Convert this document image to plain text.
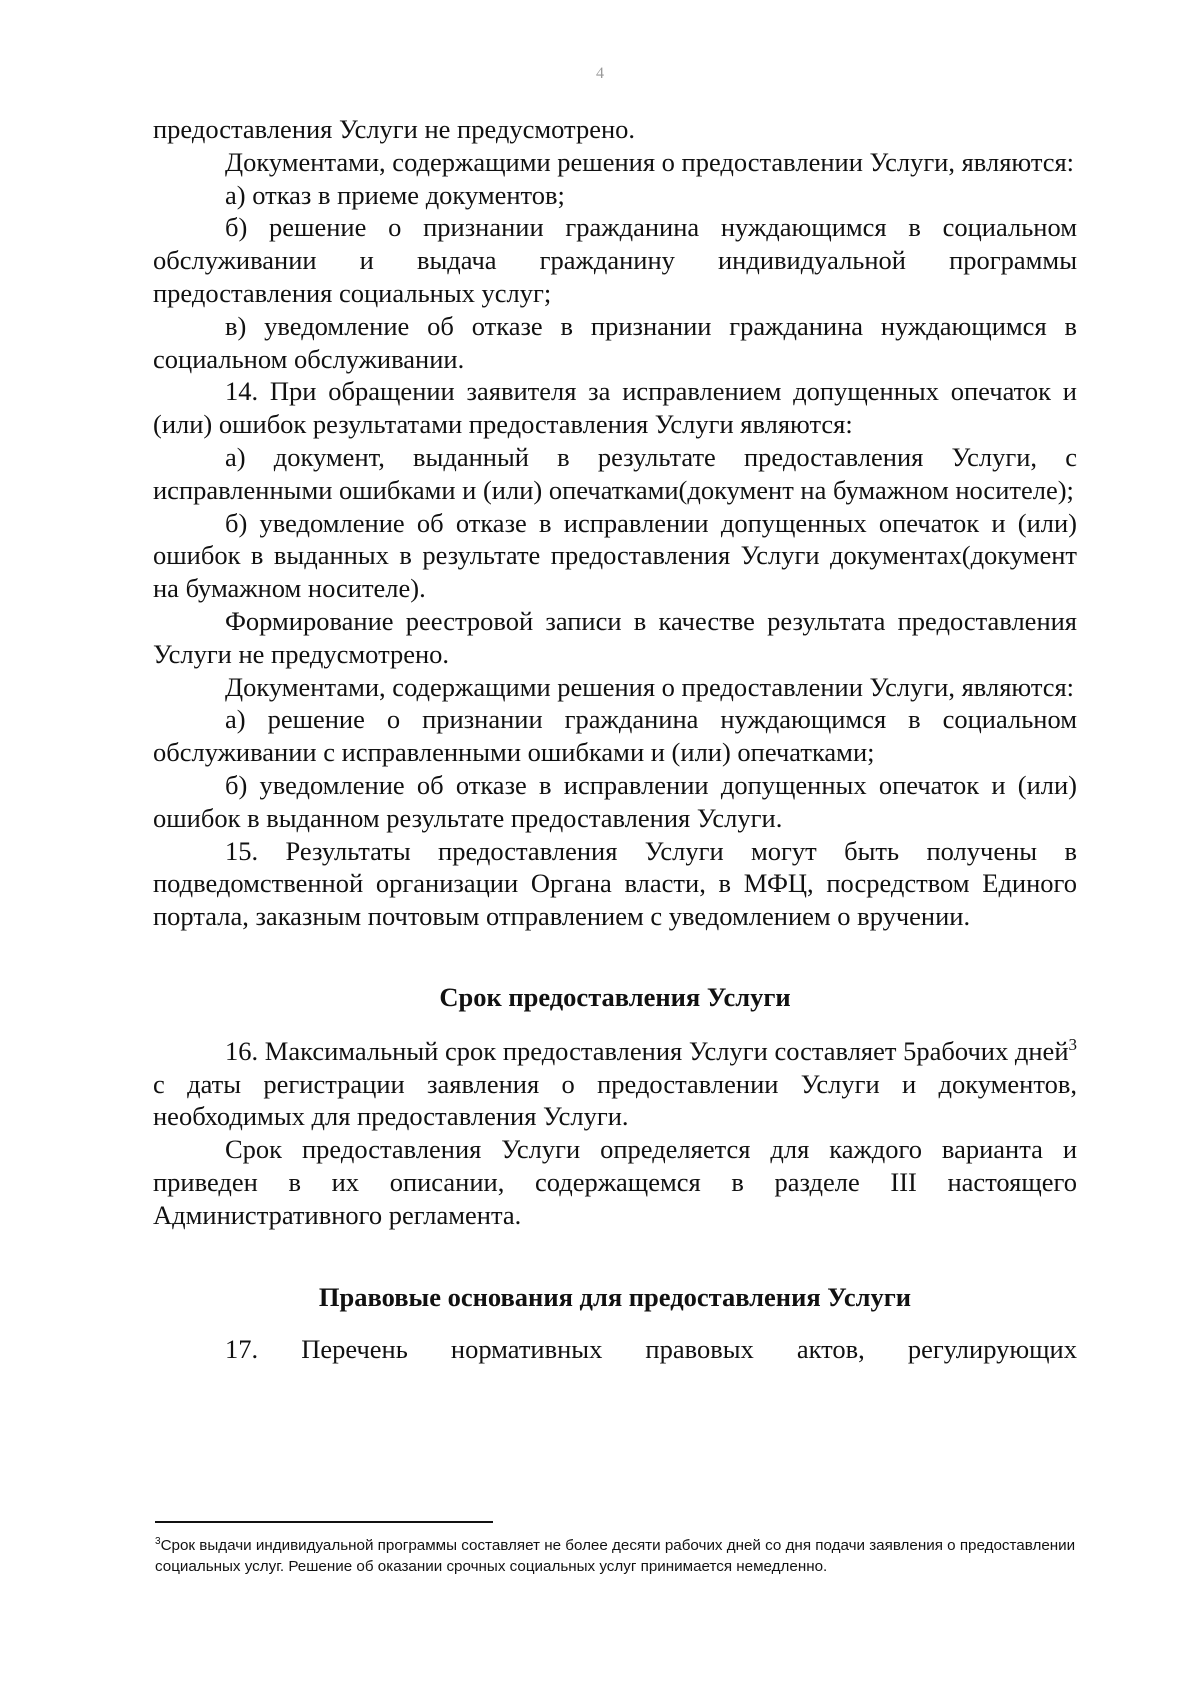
4

предоставления Услуги не предусмотрено.

Документами, содержащими решения о предоставлении Услуги, являются:

а) отказ в приеме документов;

б) решение о признании гражданина нуждающимся в социальном обслуживании и выдача гражданину индивидуальной программы предоставления социальных услуг;

в) уведомление об отказе в признании гражданина нуждающимся в социальном обслуживании.

14. При обращении заявителя за исправлением допущенных опечаток и (или) ошибок результатами предоставления Услуги являются:

а) документ, выданный в результате предоставления Услуги, с исправленными ошибками и (или) опечатками(документ на бумажном носителе);

б) уведомление об отказе в исправлении допущенных опечаток и (или) ошибок в выданных в результате предоставления Услуги документах(документ на бумажном носителе).

Формирование реестровой записи в качестве результата предоставления Услуги не предусмотрено.

Документами, содержащими решения о предоставлении Услуги, являются:

а) решение о признании гражданина нуждающимся в социальном обслуживании с исправленными ошибками и (или) опечатками;

б) уведомление об отказе в исправлении допущенных опечаток и (или) ошибок в выданном результате предоставления Услуги.

15. Результаты предоставления Услуги могут быть получены в подведомственной организации Органа власти, в МФЦ, посредством Единого портала, заказным почтовым отправлением с уведомлением о вручении.

Срок предоставления Услуги

16. Максимальный срок предоставления Услуги составляет 5рабочих дней$^3$ с даты регистрации заявления о предоставлении Услуги и документов, необходимых для предоставления Услуги.

Срок предоставления Услуги определяется для каждого варианта и приведен в их описании, содержащемся в разделе III настоящего Административного регламента.

Правовые основания для предоставления Услуги

17. Перечень нормативных правовых актов, регулирующих

$^3$Срок выдачи индивидуальной программы составляет не более десяти рабочих дней со дня подачи заявления о предоставлении социальных услуг. Решение об оказании срочных социальных услуг принимается немедленно.
